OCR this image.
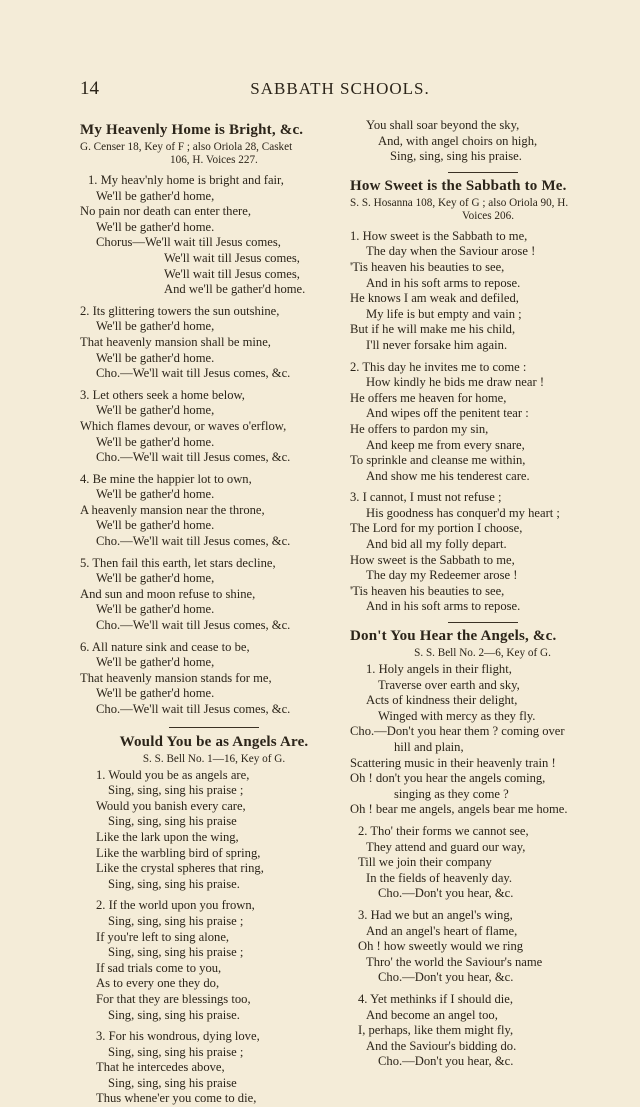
14	SABBATH SCHOOLS.
My Heavenly Home is Bright, &c.
G. Censer 18, Key of F ; also Oriola 28, Casket
106, H. Voices 227.
1. My heav'nly home is bright and fair,
We'll be gather'd home,
No pain nor death can enter there,
We'll be gather'd home.
Chorus—We'll wait till Jesus comes,
We'll wait till Jesus comes,
We'll wait till Jesus comes,
And we'll be gather'd home.
2. Its glittering towers the sun outshine,
We'll be gather'd home,
That heavenly mansion shall be mine,
We'll be gather'd home.
Cho.—We'll wait till Jesus comes, &c.
3. Let others seek a home below,
We'll be gather'd home,
Which flames devour, or waves o'erflow,
We'll be gather'd home.
Cho.—We'll wait till Jesus comes, &c.
4. Be mine the happier lot to own,
We'll be gather'd home.
A heavenly mansion near the throne,
We'll be gather'd home.
Cho.—We'll wait till Jesus comes, &c.
5. Then fail this earth, let stars decline,
We'll be gather'd home,
And sun and moon refuse to shine,
We'll be gather'd home.
Cho.—We'll wait till Jesus comes, &c.
6. All nature sink and cease to be,
We'll be gather'd home,
That heavenly mansion stands for me,
We'll be gather'd home.
Cho.—We'll wait till Jesus comes, &c.
Would You be as Angels Are.
S. S. Bell No. 1—16, Key of G.
1. Would you be as angels are,
Sing, sing, sing his praise ;
Would you banish every care,
Sing, sing, sing his praise
Like the lark upon the wing,
Like the warbling bird of spring,
Like the crystal spheres that ring,
Sing, sing, sing his praise.
2. If the world upon you frown,
Sing, sing, sing his praise ;
If you're left to sing alone,
Sing, sing, sing his praise ;
If sad trials come to you,
As to every one they do,
For that they are blessings too,
Sing, sing, sing his praise.
3. For his wondrous, dying love,
Sing, sing, sing his praise ;
That he intercedes above,
Sing, sing, sing his praise
Thus whene'er you come to die,
You shall soar beyond the sky,
And, with angel choirs on high,
Sing, sing, sing his praise.
How Sweet is the Sabbath to Me.
S. S. Hosanna 108, Key of G ; also Oriola 90, H.
Voices 206.
1. How sweet is the Sabbath to me,
The day when the Saviour arose !
'Tis heaven his beauties to see,
And in his soft arms to repose.
He knows I am weak and defiled,
My life is but empty and vain ;
But if he will make me his child,
I'll never forsake him again.
2. This day he invites me to come :
How kindly he bids me draw near !
He offers me heaven for home,
And wipes off the penitent tear :
He offers to pardon my sin,
And keep me from every snare,
To sprinkle and cleanse me within,
And show me his tenderest care.
3. I cannot, I must not refuse ;
His goodness has conquer'd my heart ;
The Lord for my portion I choose,
And bid all my folly depart.
How sweet is the Sabbath to me,
The day my Redeemer arose !
'Tis heaven his beauties to see,
And in his soft arms to repose.
Don't You Hear the Angels, &c.
S. S. Bell No. 2—6, Key of G.
1. Holy angels in their flight,
Traverse over earth and sky,
Acts of kindness their delight,
Winged with mercy as they fly.
Cho.—Don't you hear them ? coming over
hill and plain,
Scattering music in their heavenly train !
Oh ! don't you hear the angels coming,
singing as they come ?
Oh ! bear me angels, angels bear me home.
2. Tho' their forms we cannot see,
They attend and guard our way,
Till we join their company
In the fields of heavenly day.
Cho.—Don't you hear, &c.
3. Had we but an angel's wing,
And an angel's heart of flame,
Oh ! how sweetly would we ring
Thro' the world the Saviour's name
Cho.—Don't you hear, &c.
4. Yet methinks if I should die,
And become an angel too,
I, perhaps, like them might fly,
And the Saviour's bidding do.
Cho.—Don't you hear, &c.
